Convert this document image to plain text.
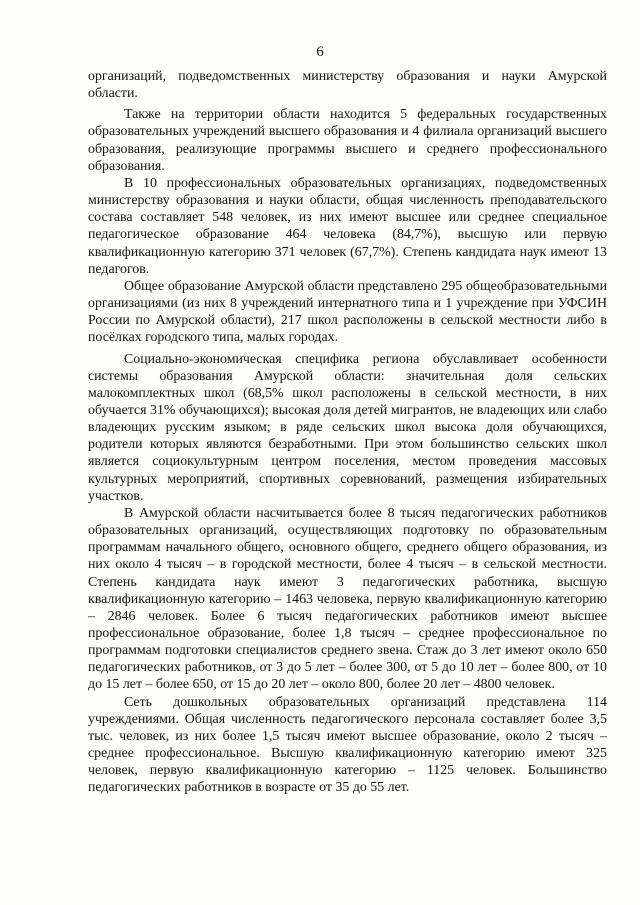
6

организаций, подведомственных министерству образования и науки Амурской области.

Также на территории области находится 5 федеральных государственных образовательных учреждений высшего образования и 4 филиала организаций высшего образования, реализующие программы высшего и среднего профессионального образования.

В 10 профессиональных образовательных организациях, подведомственных министерству образования и науки области, общая численность преподавательского состава составляет 548 человек, из них имеют высшее или среднее специальное педагогическое образование 464 человека (84,7%), высшую или первую квалификационную категорию 371 человек (67,7%). Степень кандидата наук имеют 13 педагогов.

Общее образование Амурской области представлено 295 общеобразовательными организациями (из них 8 учреждений интернатного типа и 1 учреждение при УФСИН России по Амурской области), 217 школ расположены в сельской местности либо в посёлках городского типа, малых городах.

Социально-экономическая специфика региона обуславливает особенности системы образования Амурской области: значительная доля сельских малокомплектных школ (68,5% школ расположены в сельской местности, в них обучается 31% обучающихся); высокая доля детей мигрантов, не владеющих или слабо владеющих русским языком; в ряде сельских школ высока доля обучающихся, родители которых являются безработными. При этом большинство сельских школ является социокультурным центром поселения, местом проведения массовых культурных мероприятий, спортивных соревнований, размещения избирательных участков.

В Амурской области насчитывается более 8 тысяч педагогических работников образовательных организаций, осуществляющих подготовку по образовательным программам начального общего, основного общего, среднего общего образования, из них около 4 тысяч – в городской местности, более 4 тысяч – в сельской местности. Степень кандидата наук имеют 3 педагогических работника, высшую квалификационную категорию – 1463 человека, первую квалификационную категорию – 2846 человек. Более 6 тысяч педагогических работников имеют высшее профессиональное образование, более 1,8 тысяч – среднее профессиональное по программам подготовки специалистов среднего звена. Стаж до 3 лет имеют около 650 педагогических работников, от 3 до 5 лет – более 300, от 5 до 10 лет – более 800, от 10 до 15 лет – более 650, от 15 до 20 лет – около 800, более 20 лет – 4800 человек.

Сеть дошкольных образовательных организаций представлена 114 учреждениями. Общая численность педагогического персонала составляет более 3,5 тыс. человек, из них более 1,5 тысяч имеют высшее образование, около 2 тысяч – среднее профессиональное. Высшую квалификационную категорию имеют 325 человек, первую квалификационную категорию – 1125 человек. Большинство педагогических работников в возрасте от 35 до 55 лет.
